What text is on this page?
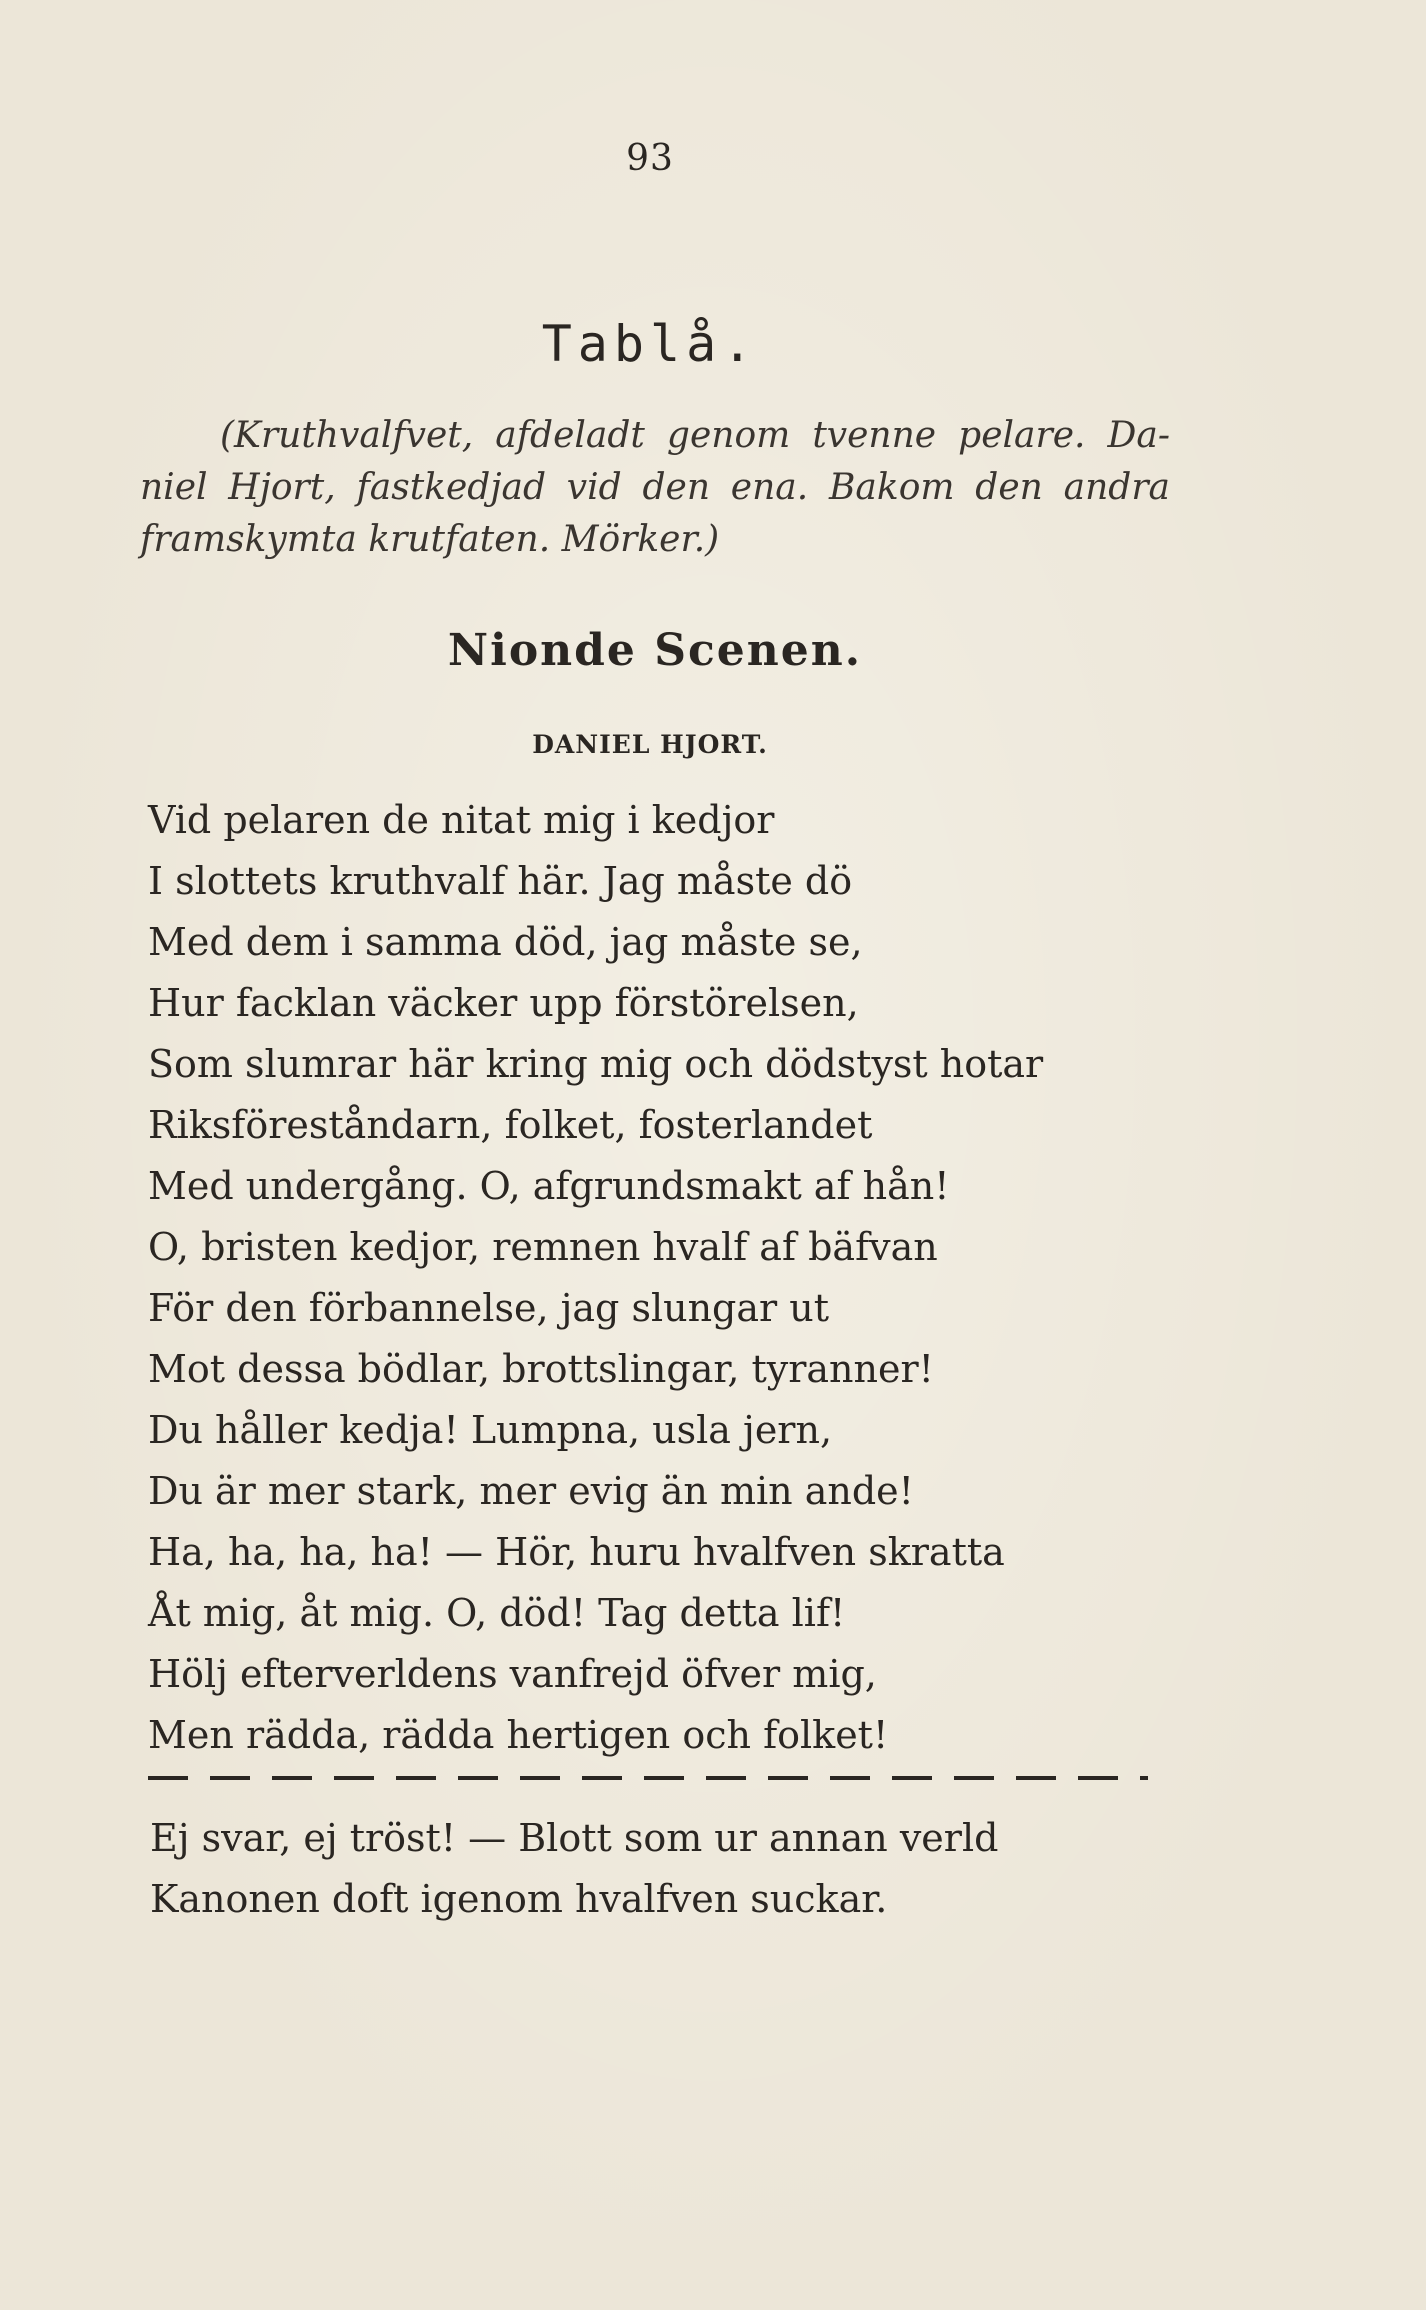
93
Tablå.
(Kruthvalfvet, afdeladt genom tvenne pelare. Da-
niel Hjort, fastkedjad vid den ena. Bakom den andra
framskymta krutfaten. Mörker.)
Nionde Scenen.
DANIEL HJORT.
Vid pelaren de nitat mig i kedjor
I slottets kruthvalf här. Jag måste dö
Med dem i samma död, jag måste se,
Hur facklan väcker upp förstörelsen,
Som slumrar här kring mig och dödstyst hotar
Riksföreståndarn, folket, fosterlandet
Med undergång. O, afgrundsmakt af hån!
O, bristen kedjor, remnen hvalf af bäfvan
För den förbannelse, jag slungar ut
Mot dessa bödlar, brottslingar, tyranner!
Du håller kedja! Lumpna, usla jern,
Du är mer stark, mer evig än min ande!
Ha, ha, ha, ha! — Hör, huru hvalfven skratta
Åt mig, åt mig. O, död! Tag detta lif!
Hölj efterverldens vanfrejd öfver mig,
Men rädda, rädda hertigen och folket!
Ej svar, ej tröst! — Blott som ur annan verld
Kanonen doft igenom hvalfven suckar.
